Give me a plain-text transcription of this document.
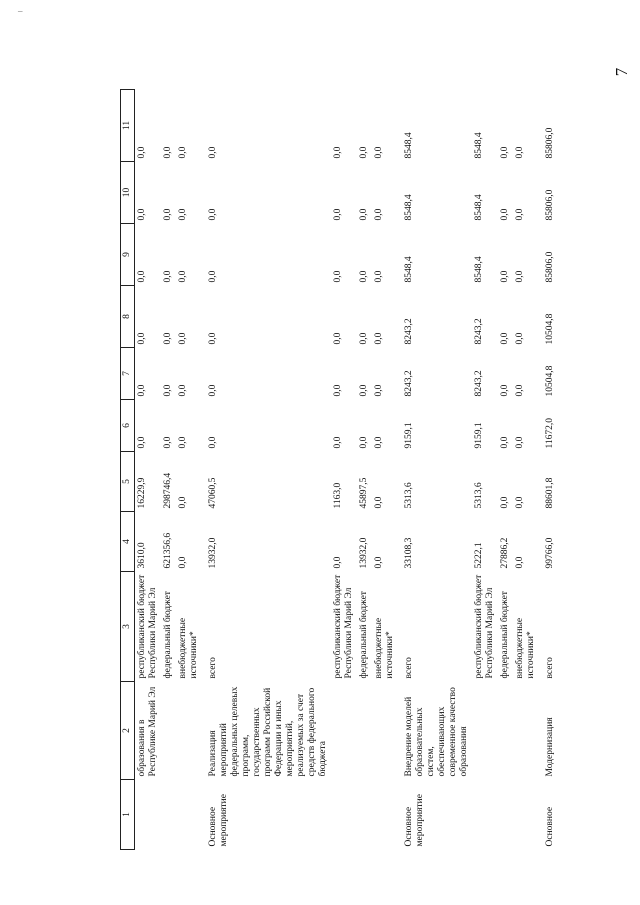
–
7
1	2	3	4	5	6	7	8	9	10	11
	образования в Республике Марий Эл	республиканский бюджет Республики Марий Эл	3610,0	16229,9	0,0	0,0	0,0	0,0	0,0	0,0
		федеральный бюджет	621356,6	298746,4	0,0	0,0	0,0	0,0	0,0	0,0
		внебюджетные источники*	0,0	0,0	0,0	0,0	0,0	0,0	0,0	0,0
Основное мероприятие	Реализация мероприятий федеральных целевых программ, государственных программ Российской Федерации и иных мероприятий, реализуемых за счет средств федерального бюджета	всего	13932,0	47060,5	0,0	0,0	0,0	0,0	0,0	0,0
		республиканский бюджет Республики Марий Эл	0,0	1163,0	0,0	0,0	0,0	0,0	0,0	0,0
		федеральный бюджет	13932,0	45897,5	0,0	0,0	0,0	0,0	0,0	0,0
		внебюджетные источники*	0,0	0,0	0,0	0,0	0,0	0,0	0,0	0,0
Основное мероприятие	Внедрение моделей образовательных систем, обеспечивающих современное качество образования	всего	33108,3	5313,6	9159,1	8243,2	8243,2	8548,4	8548,4	8548,4
		республиканский бюджет Республики Марий Эл	5222,1	5313,6	9159,1	8243,2	8243,2	8548,4	8548,4	8548,4
		федеральный бюджет	27886,2	0,0	0,0	0,0	0,0	0,0	0,0	0,0
		внебюджетные источники*	0,0	0,0	0,0	0,0	0,0	0,0	0,0	0,0
Основное	Модернизация	всего	99766,0	88601,8	11672,0	10504,8	10504,8	85806,0	85806,0	85806,0
